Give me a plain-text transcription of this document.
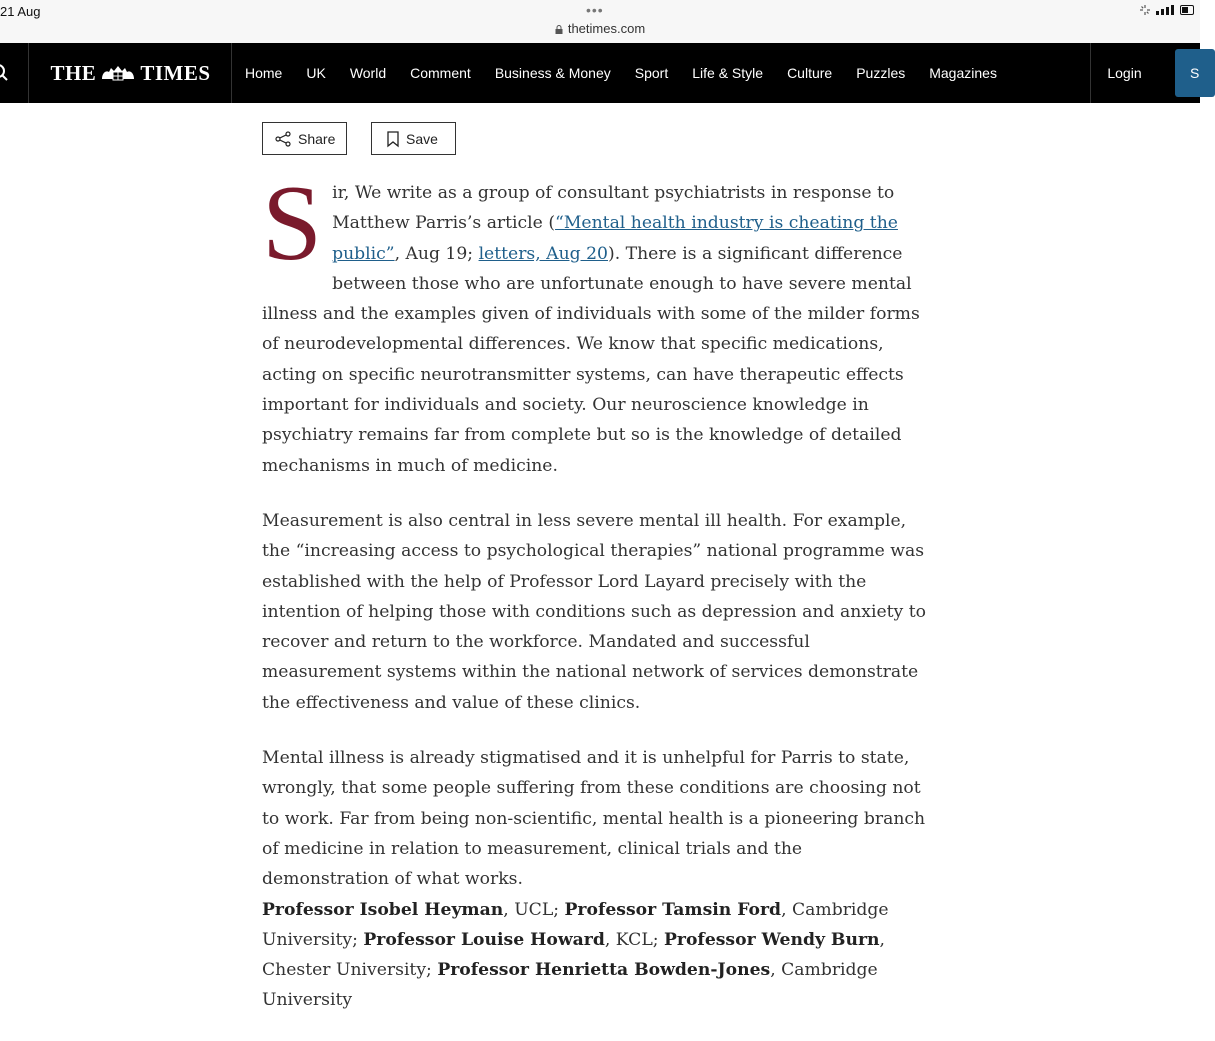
21 Aug	•••
thetimes.com
THE TIMES	Home	UK	World	Comment	Business & Money	Sport	Life & Style	Culture	Puzzles	Magazines	Login	S
Share	Save

Sir, We write as a group of consultant psychiatrists in response to Matthew Parris’s article (“Mental health industry is cheating the public”, Aug 19; letters, Aug 20). There is a significant difference between those who are unfortunate enough to have severe mental illness and the examples given of individuals with some of the milder forms of neurodevelopmental differences. We know that specific medications, acting on specific neurotransmitter systems, can have therapeutic effects important for individuals and society. Our neuroscience knowledge in psychiatry remains far from complete but so is the knowledge of detailed mechanisms in much of medicine.

Measurement is also central in less severe mental ill health. For example, the “increasing access to psychological therapies” national programme was established with the help of Professor Lord Layard precisely with the intention of helping those with conditions such as depression and anxiety to recover and return to the workforce. Mandated and successful measurement systems within the national network of services demonstrate the effectiveness and value of these clinics.

Mental illness is already stigmatised and it is unhelpful for Parris to state, wrongly, that some people suffering from these conditions are choosing not to work. Far from being non-scientific, mental health is a pioneering branch of medicine in relation to measurement, clinical trials and the demonstration of what works.

Professor Isobel Heyman, UCL; Professor Tamsin Ford, Cambridge University; Professor Louise Howard, KCL; Professor Wendy Burn, Chester University; Professor Henrietta Bowden-Jones, Cambridge University
